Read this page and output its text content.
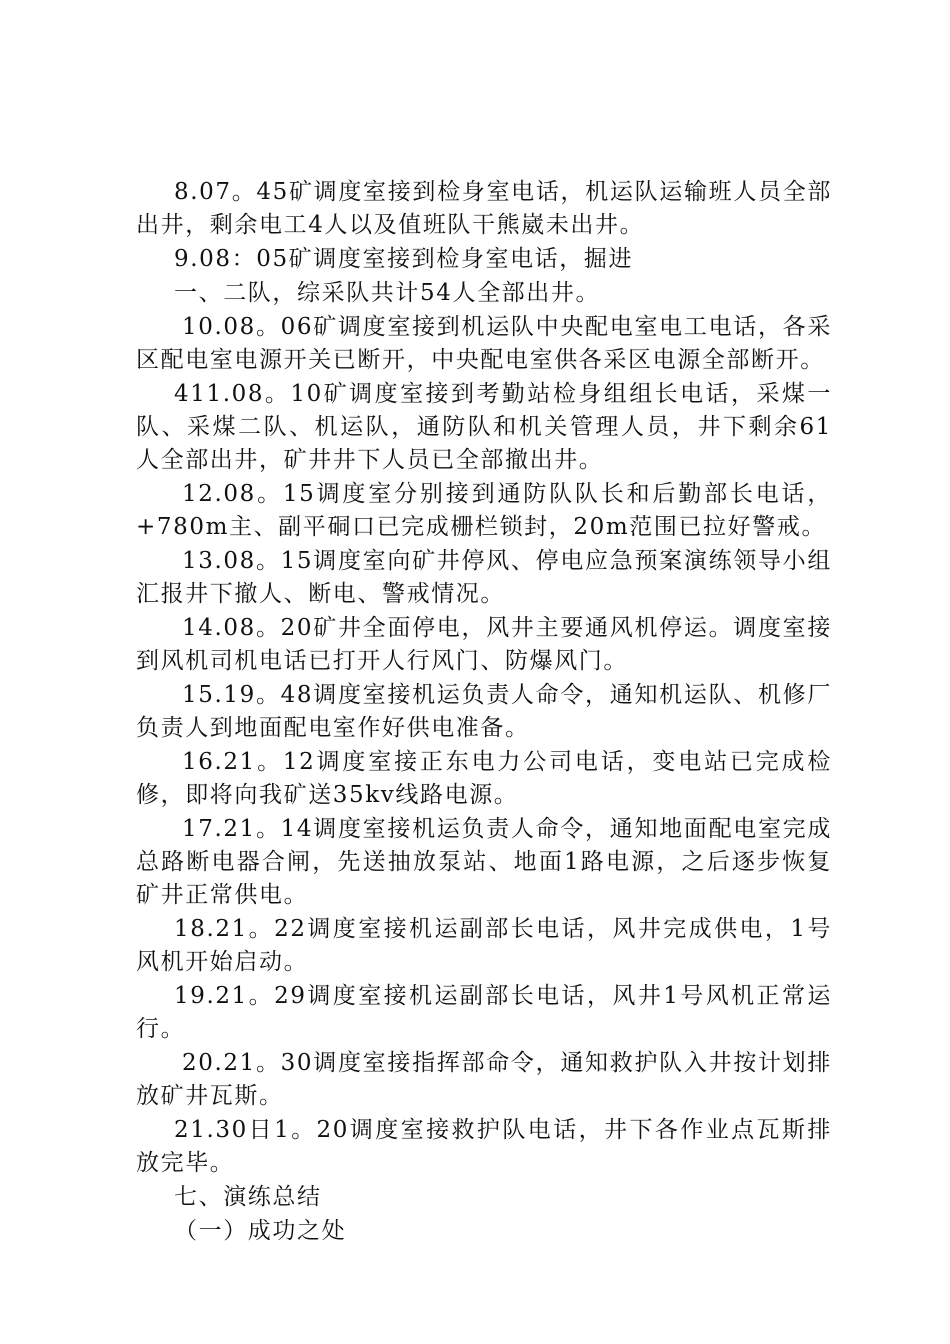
8.07。45矿调度室接到检身室电话，机运队运输班人员全部出井，剩余电工4人以及值班队干熊崴未出井。

9.08：05矿调度室接到检身室电话，掘进

一、二队，综采队共计54人全部出井。

10.08。06矿调度室接到机运队中央配电室电工电话，各采区配电室电源开关已断开，中央配电室供各采区电源全部断开。

411.08。10矿调度室接到考勤站检身组组长电话，采煤一队、采煤二队、机运队，通防队和机关管理人员，井下剩余61人全部出井，矿井井下人员已全部撤出井。

12.08。15调度室分别接到通防队队长和后勤部长电话，+780m主、副平硐口已完成栅栏锁封，20m范围已拉好警戒。

13.08。15调度室向矿井停风、停电应急预案演练领导小组汇报井下撤人、断电、警戒情况。

14.08。20矿井全面停电，风井主要通风机停运。调度室接到风机司机电话已打开人行风门、防爆风门。

15.19。48调度室接机运负责人命令，通知机运队、机修厂负责人到地面配电室作好供电准备。

16.21。12调度室接正东电力公司电话，变电站已完成检修，即将向我矿送35kv线路电源。

17.21。14调度室接机运负责人命令，通知地面配电室完成总路断电器合闸，先送抽放泵站、地面1路电源，之后逐步恢复矿井正常供电。

18.21。22调度室接机运副部长电话，风井完成供电，1号风机开始启动。

19.21。29调度室接机运副部长电话，风井1号风机正常运行。

20.21。30调度室接指挥部命令，通知救护队入井按计划排放矿井瓦斯。

21.30日1。20调度室接救护队电话，井下各作业点瓦斯排放完毕。

七、演练总结

（一）成功之处
